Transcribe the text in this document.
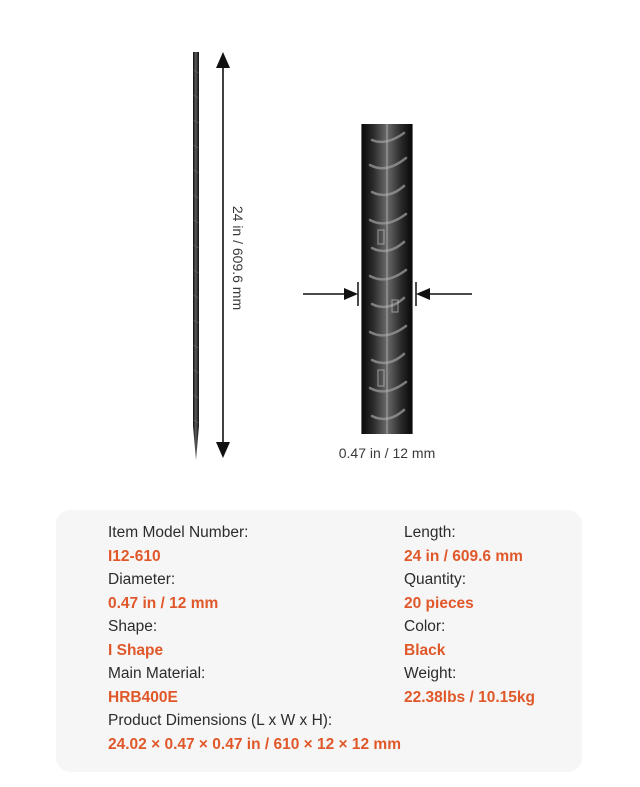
24 in / 609.6 mm
0.47 in / 12 mm
Item Model Number:
I12-610
Length:
24 in / 609.6 mm
Diameter:
0.47 in / 12 mm
Quantity:
20 pieces
Shape:
I Shape
Color:
Black
Main Material:
HRB400E
Weight:
22.38lbs / 10.15kg
Product Dimensions (L x W x H):
24.02 × 0.47 × 0.47 in / 610 × 12 × 12 mm
